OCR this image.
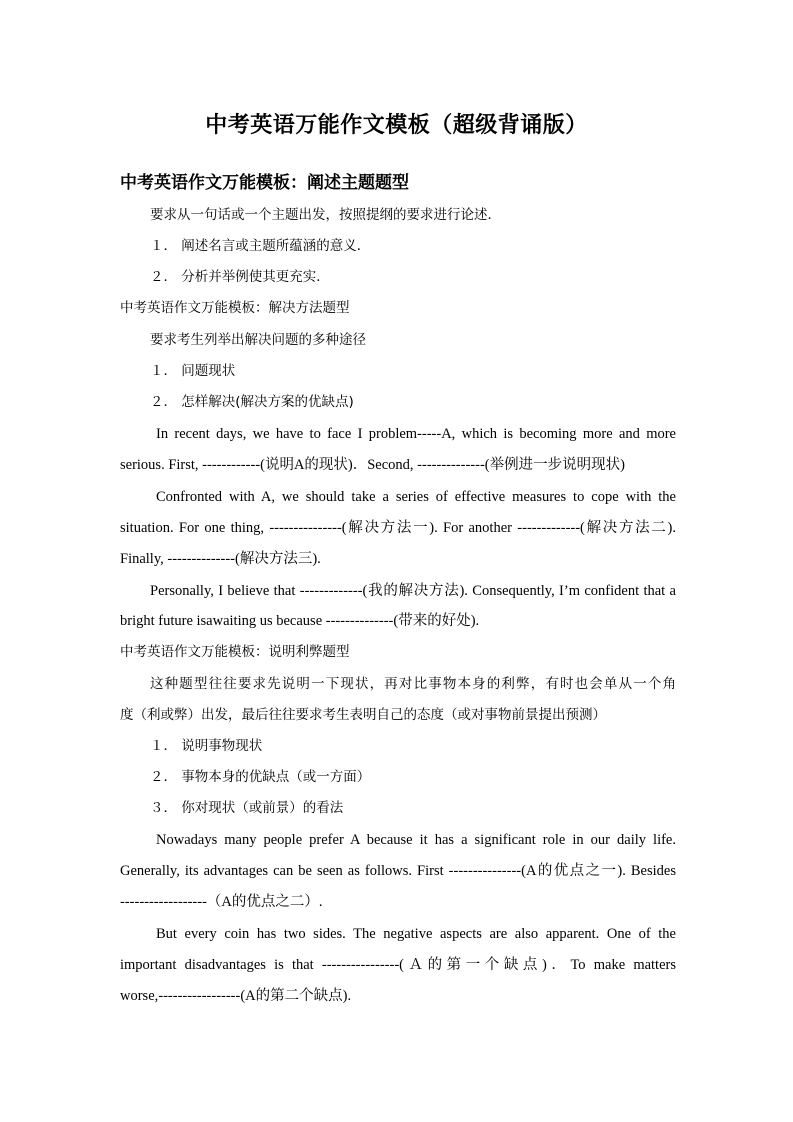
中考英语万能作文模板（超级背诵版）
中考英语作文万能模板：阐述主题题型
要求从一句话或一个主题出发，按照提纲的要求进行论述．
１． 阐述名言或主题所蕴涵的意义．
２． 分析并举例使其更充实．
中考英语作文万能模板：解决方法题型
要求考生列举出解决问题的多种途径
１． 问题现状
２． 怎样解决(解决方案的优缺点)
In recent days, we have to face I problem-----A, which is becoming more and more
serious. First, ------------(说明A的现状)．Second, --------------(举例进一步说明现状)
Confronted with A, we should take a series of effective measures to cope with the
situation. For one thing, ---------------(解决方法一). For another -------------(解决方法二).
Finally, --------------(解决方法三).
Personally, I believe that -------------(我的解决方法). Consequently, I’m confident that a
bright future isawaiting us because --------------(带来的好处).
中考英语作文万能模板：说明利弊题型
这种题型往往要求先说明一下现状，再对比事物本身的利弊，有时也会单从一个角
度（利或弊）出发，最后往往要求考生表明自己的态度（或对事物前景提出预测）
１． 说明事物现状
２． 事物本身的优缺点（或一方面）
３． 你对现状（或前景）的看法
Nowadays many people prefer A because it has a significant role in our daily life.
Generally, its advantages can be seen as follows. First ---------------(A的优点之一). Besides
------------------（A的优点之二）.
But every coin has two sides. The negative aspects are also apparent. One of the
important disadvantages is that ----------------(Ａ的第一个缺点)．To make matters
worse,-----------------(A的第二个缺点).
